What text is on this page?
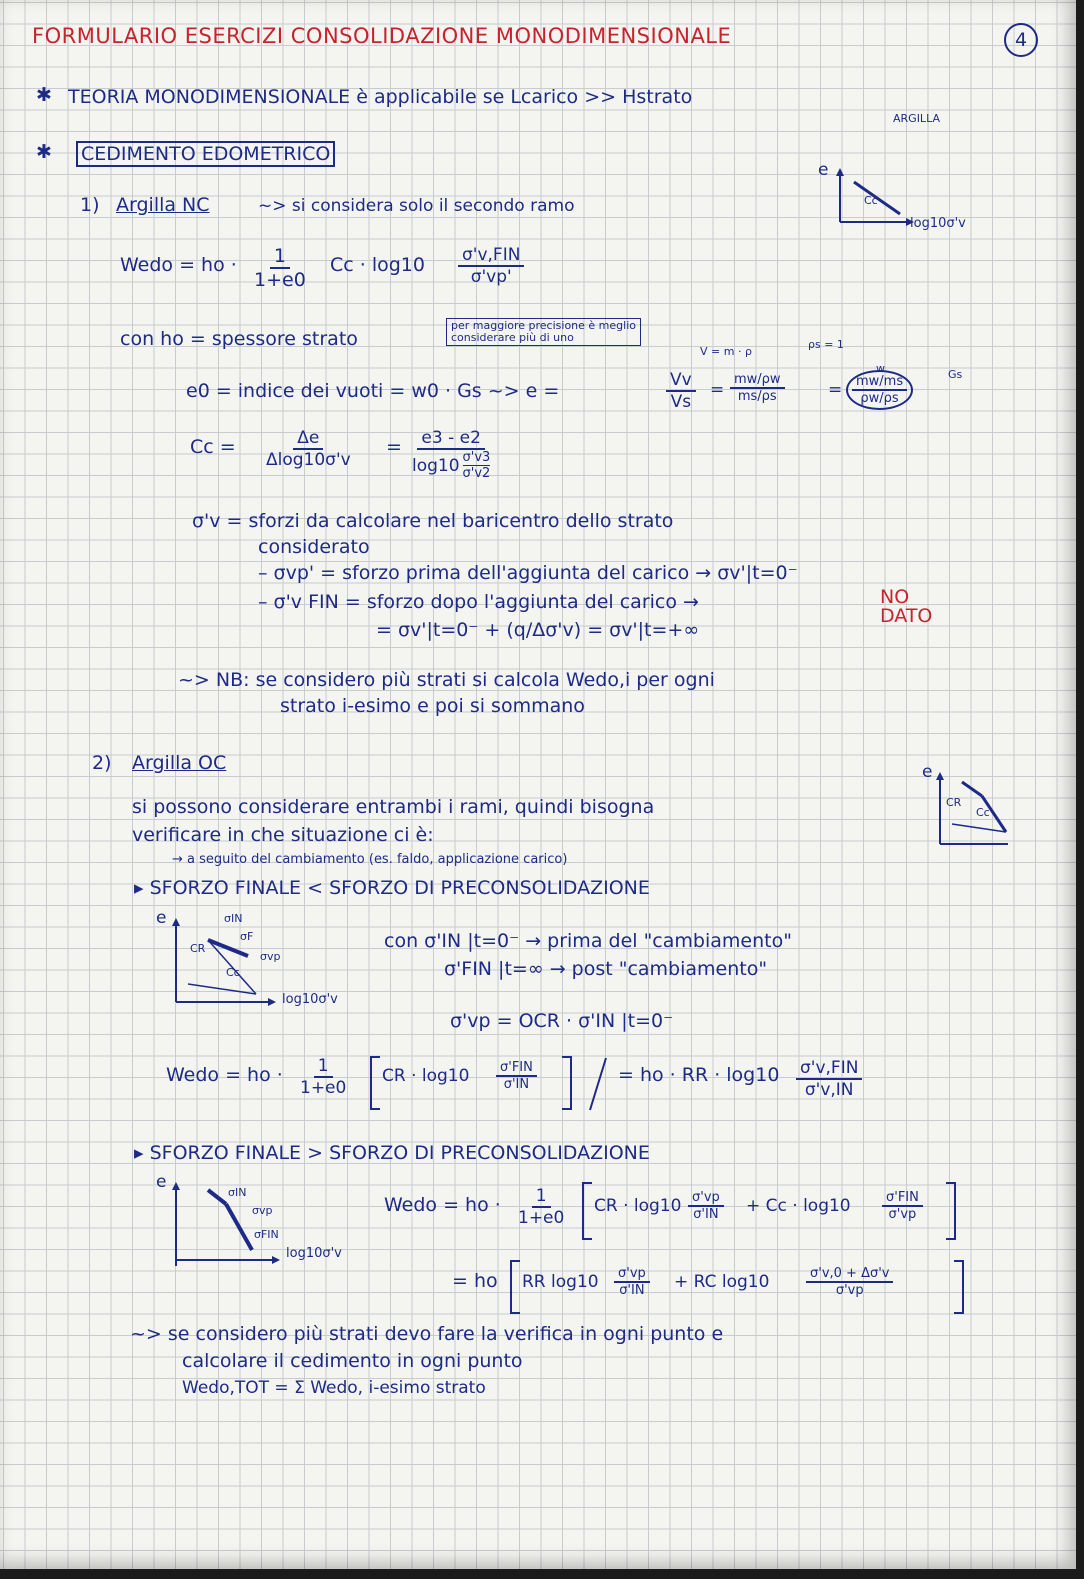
FORMULARIO ESERCIZI CONSOLIDAZIONE MONODIMENSIONALE	4
✱ TEORIA MONODIMENSIONALE è applicabile se Lcarico >> Hstrato
ARGILLA
✱ CEDIMENTO EDOMETRICO
1) Argilla NC	~> si considera solo il secondo ramo
e
Cc
log10σ'v
Wedo = ho · $\frac{1}{1+e0}$ Cc · log10 σ'v,FIN
σ'vp'
con ho = spessore strato
per maggiore precisione è meglio
considerare più di uno
V = m · ρ
ρs = 1
e0 = indice dei vuoti = w0 · Gs ~> e =	$\frac{Vv}{Vs} = \frac{mw/\rho w}{ms/\rho s}$	= $\frac{mw/ms}{\rho w/\rho s}$
w	Gs
$Cc = \frac{\Delta e}{\Delta\log 10\sigma'v} = \frac{e3 - e2}{\log 10 \frac{\sigma'v3}{\sigma'v2}}$
σ'v = sforzi da calcolare nel baricentro dello strato
considerato
– σvp' = sforzo prima dell'aggiunta del carico → σv'|t=0⁻
– σ'v FIN = sforzo dopo l'aggiunta del carico →	NO DATO
= σv'|t=0⁻ + (q/Δσ'v) = σv'|t=+∞
~> NB: se considero più strati si calcola Wedo,i per ogni
strato i-esimo e poi si sommano
2) Argilla OC	e
CR
Cc
si possono considerare entrambi i rami, quindi bisogna
verificare in che situazione ci è:
→ a seguito del cambiamento (es. faldo, applicazione carico)
▸ SFORZO FINALE < SFORZO DI PRECONSOLIDAZIONE
e	σIN
σF
σvp
CR
Cc
log10σ'v
con σ'IN |t=0⁻ → prima del "cambiamento"
σ'FIN |t=∞ → post "cambiamento"
σ'vp = OCR · σ'IN |t=0⁻
Wedo = ho · $\frac{1}{1+e0}$ CR · log10	σ'FIN
σ'IN	= ho · RR · log10 σ'v,FIN
σ'v,IN
▸ SFORZO FINALE > SFORZO DI PRECONSOLIDAZIONE
e
σIN
σvp
σFIN
log10σ'v
Wedo = ho · $\frac{1}{1+e0}$ CR · $\log 10 \frac{\sigma'vp}{\sigma'IN} + Cc \cdot \log 10$	σ'FIN
σ'vp
= ho RR $\log 10 \frac{\sigma'vp}{\sigma'IN}$ + RC log10	$\frac{\sigma'v,0 + \Delta\sigma'v}{\sigma'vp}$
~> se considero più strati devo fare la verifica in ogni punto e
calcolare il cedimento in ogni punto
Wedo,TOT = Σ Wedo, i-esimo strato
